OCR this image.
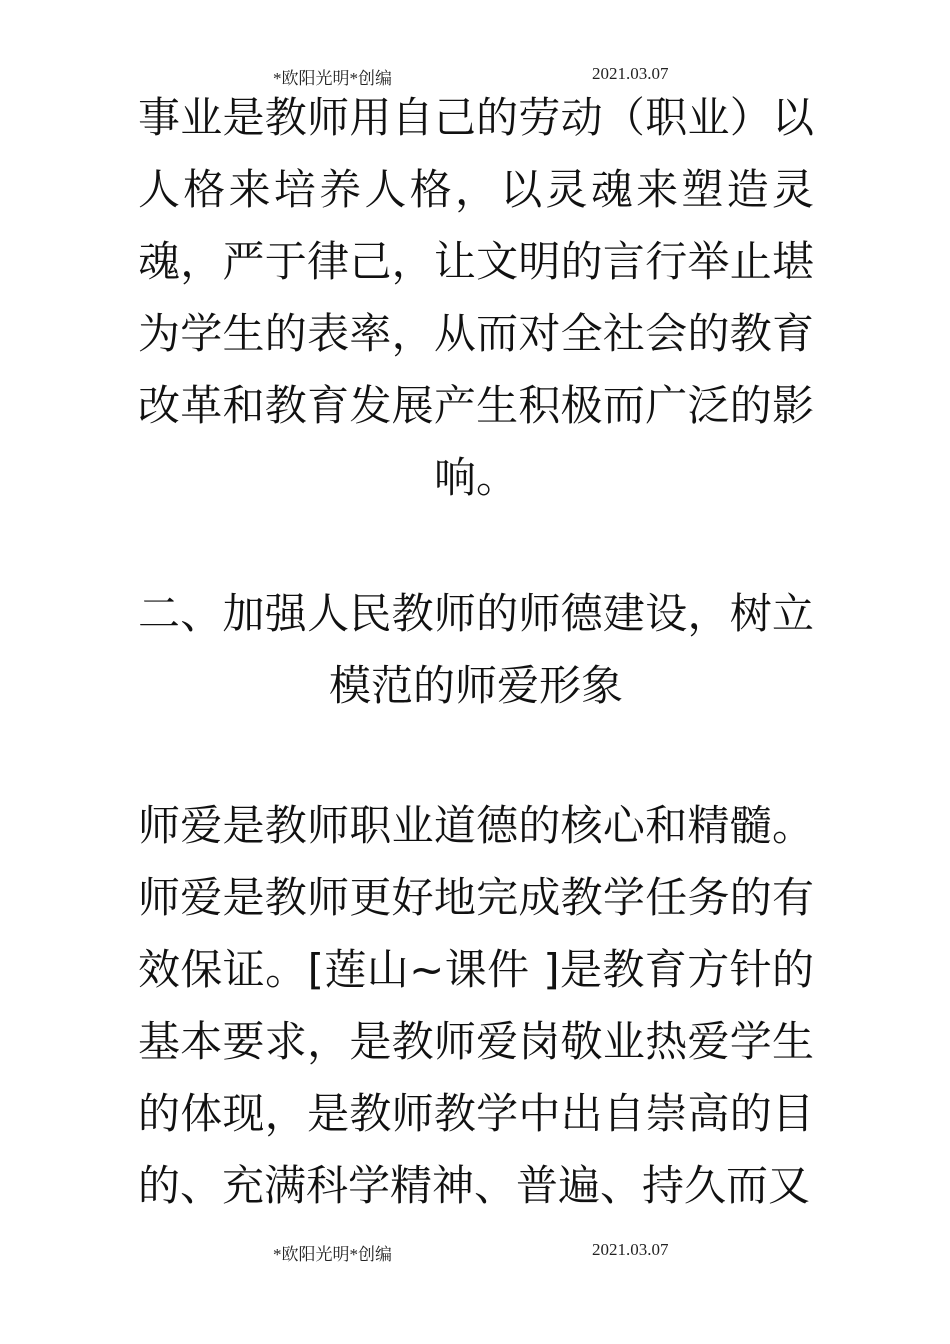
*欧阳光明*创编	2021.03.07
事业是教师用自己的劳动（职业）以人格来培养人格，以灵魂来塑造灵魂，严于律己，让文明的言行举止堪为学生的表率，从而对全社会的教育改革和教育发展产生积极而广泛的影响。
二、加强人民教师的师德建设，树立模范的师爱形象
师爱是教师职业道德的核心和精髓。师爱是教师更好地完成教学任务的有效保证。[莲山~课件 ]是教育方针的基本要求，是教师爱岗敬业热爱学生的体现，是教师教学中出自崇高的目的、充满科学精神、普遍、持久而又
*欧阳光明*创编	2021.03.07
